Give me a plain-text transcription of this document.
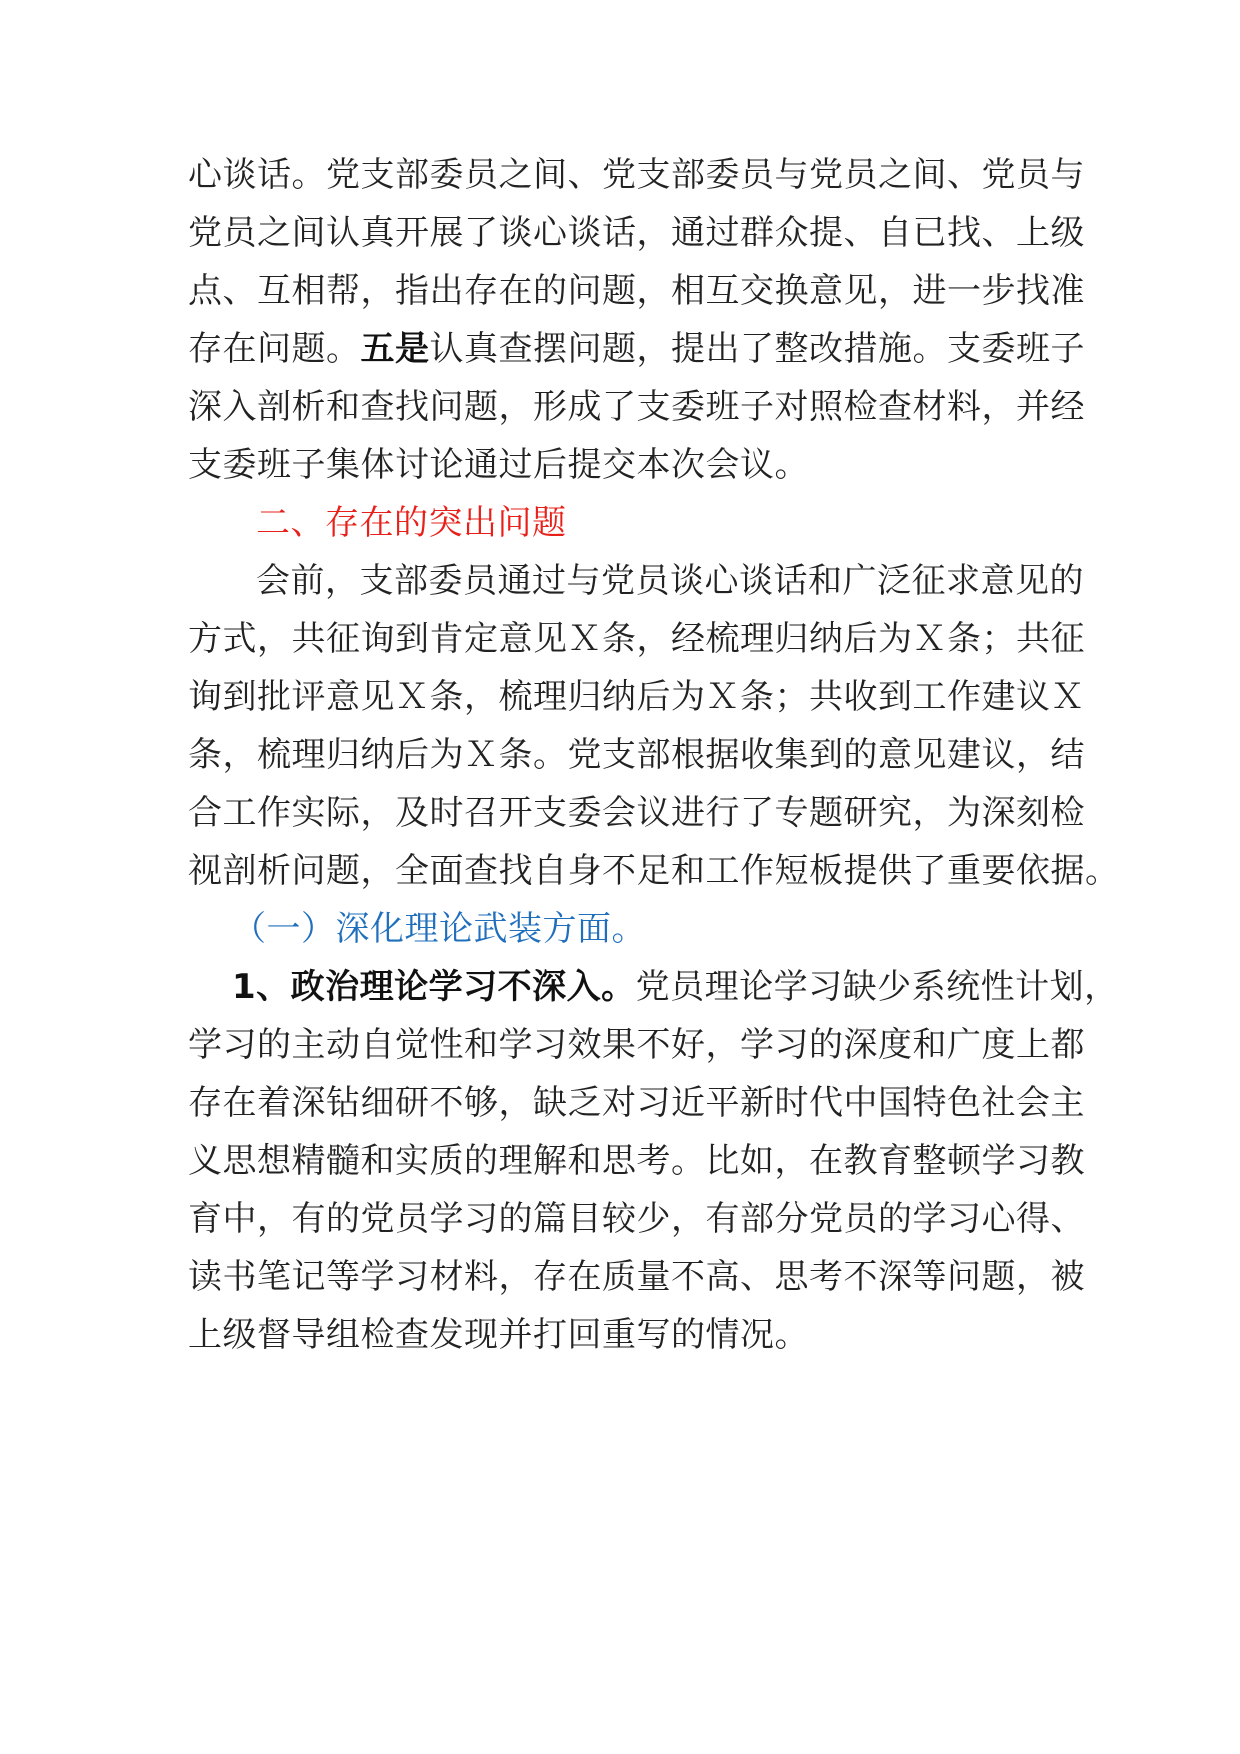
心谈话。党支部委员之间、党支部委员与党员之间、党员与
党员之间认真开展了谈心谈话，通过群众提、自已找、上级
点、互相帮，指出存在的问题，相互交换意见，进一步找准
存在问题。五是认真查摆问题，提出了整改措施。支委班子
深入剖析和查找问题，形成了支委班子对照检查材料，并经
支委班子集体讨论通过后提交本次会议。
二、存在的突出问题
会前，支部委员通过与党员谈心谈话和广泛征求意见的
方式，共征询到肯定意见Ｘ条，经梳理归纳后为Ｘ条；共征
询到批评意见Ｘ条，梳理归纳后为Ｘ条；共收到工作建议Ｘ
条，梳理归纳后为Ｘ条。党支部根据收集到的意见建议，结
合工作实际，及时召开支委会议进行了专题研究，为深刻检
视剖析问题，全面查找自身不足和工作短板提供了重要依据。
（一）深化理论武装方面。
1、政治理论学习不深入。党员理论学习缺少系统性计划，
学习的主动自觉性和学习效果不好，学习的深度和广度上都
存在着深钻细研不够，缺乏对习近平新时代中国特色社会主
义思想精髓和实质的理解和思考。比如，在教育整顿学习教
育中，有的党员学习的篇目较少，有部分党员的学习心得、
读书笔记等学习材料，存在质量不高、思考不深等问题，被
上级督导组检查发现并打回重写的情况。
